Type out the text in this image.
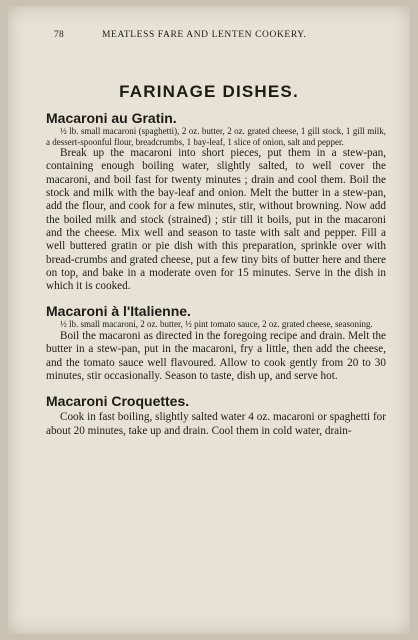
78	MEATLESS FARE AND LENTEN COOKERY.
FARINAGE DISHES.
Macaroni au Gratin.

½ lb. small macaroni (spaghetti), 2 oz. butter, 2 oz. grated cheese, 1 gill stock, 1 gill milk, a dessert-spoonful flour, breadcrumbs, 1 bay-leaf, 1 slice of onion, salt and pepper.

Break up the macaroni into short pieces, put them in a stew-pan, containing enough boiling water, slightly salted, to well cover the macaroni, and boil fast for twenty minutes ; drain and cool them. Boil the stock and milk with the bay-leaf and onion. Melt the butter in a stew-pan, add the flour, and cook for a few minutes, stir, without browning. Now add the boiled milk and stock (strained) ; stir till it boils, put in the macaroni and the cheese. Mix well and season to taste with salt and pepper. Fill a well buttered gratin or pie dish with this preparation, sprinkle over with bread-crumbs and grated cheese, put a few tiny bits of butter here and there on top, and bake in a moderate oven for 15 minutes. Serve in the dish in which it is cooked.

Macaroni à l'Italienne.

½ lb. small macaroni, 2 oz. butter, ½ pint tomato sauce, 2 oz. grated cheese, seasoning.

Boil the macaroni as directed in the foregoing recipe and drain. Melt the butter in a stew-pan, put in the macaroni, fry a little, then add the cheese, and the tomato sauce well flavoured. Allow to cook gently from 20 to 30 minutes, stir occasionally. Season to taste, dish up, and serve hot.

Macaroni Croquettes.

Cook in fast boiling, slightly salted water 4 oz. macaroni or spaghetti for about 20 minutes, take up and drain. Cool them in cold water, drain-
